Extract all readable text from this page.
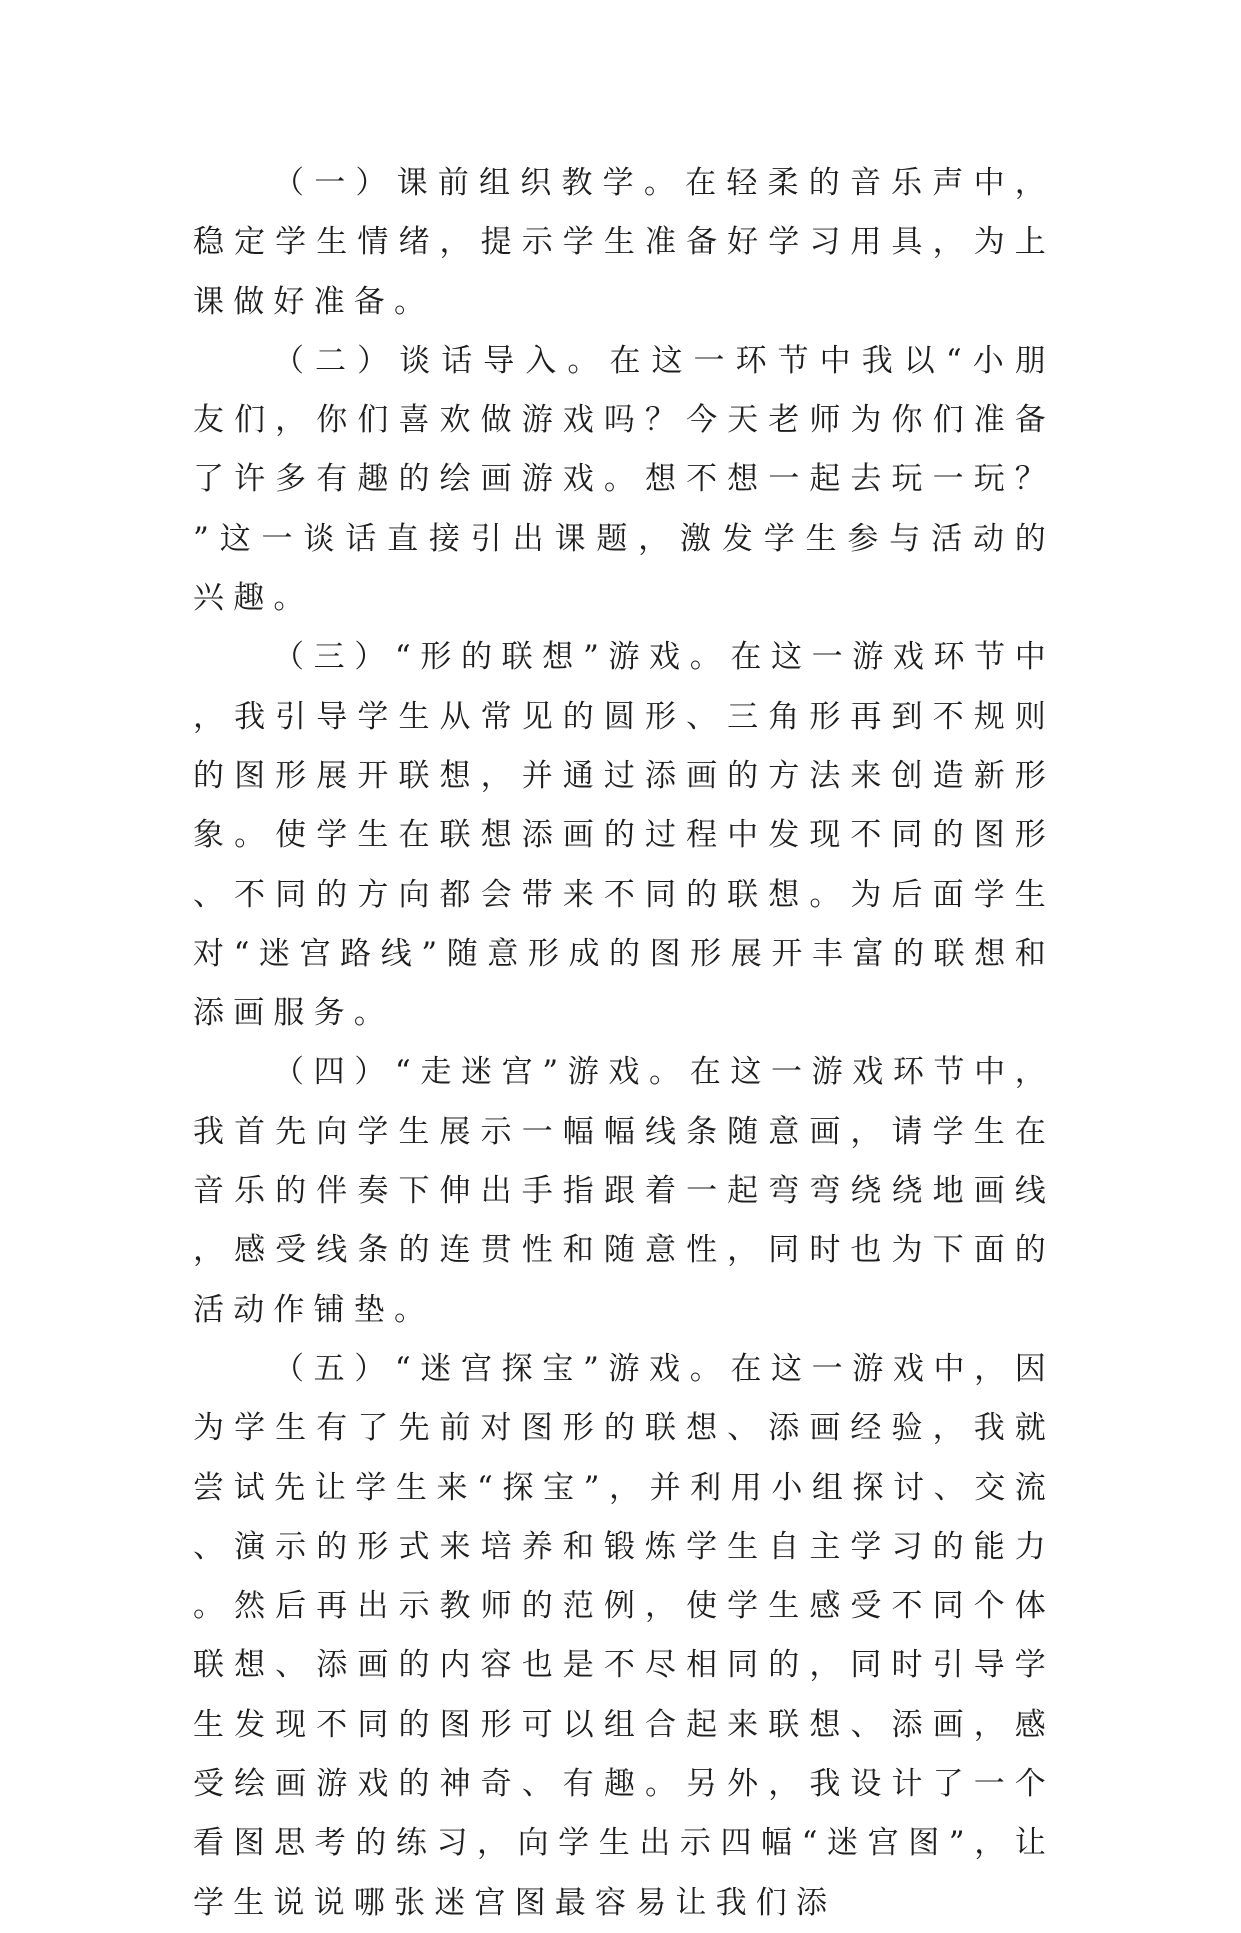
（一）课前组织教学。在轻柔的音乐声中，稳定学生情绪，提示学生准备好学习用具，为上课做好准备。

（二）谈话导入。在这一环节中我以“小朋友们，你们喜欢做游戏吗？今天老师为你们准备了许多有趣的绘画游戏。想不想一起去玩一玩？”这一谈话直接引出课题，激发学生参与活动的兴趣。

（三）“形的联想”游戏。在这一游戏环节中，我引导学生从常见的圆形、三角形再到不规则的图形展开联想，并通过添画的方法来创造新形象。使学生在联想添画的过程中发现不同的图形、不同的方向都会带来不同的联想。为后面学生对“迷宫路线”随意形成的图形展开丰富的联想和添画服务。

（四）“走迷宫”游戏。在这一游戏环节中，我首先向学生展示一幅幅线条随意画，请学生在音乐的伴奏下伸出手指跟着一起弯弯绕绕地画线，感受线条的连贯性和随意性，同时也为下面的活动作铺垫。

（五）“迷宫探宝”游戏。在这一游戏中，因为学生有了先前对图形的联想、添画经验，我就尝试先让学生来“探宝”，并利用小组探讨、交流、演示的形式来培养和锻炼学生自主学习的能力。然后再出示教师的范例，使学生感受不同个体联想、添画的内容也是不尽相同的，同时引导学生发现不同的图形可以组合起来联想、添画，感受绘画游戏的神奇、有趣。另外，我设计了一个看图思考的练习，向学生出示四幅“迷宫图”，让学生说说哪张迷宫图最容易让我们添
